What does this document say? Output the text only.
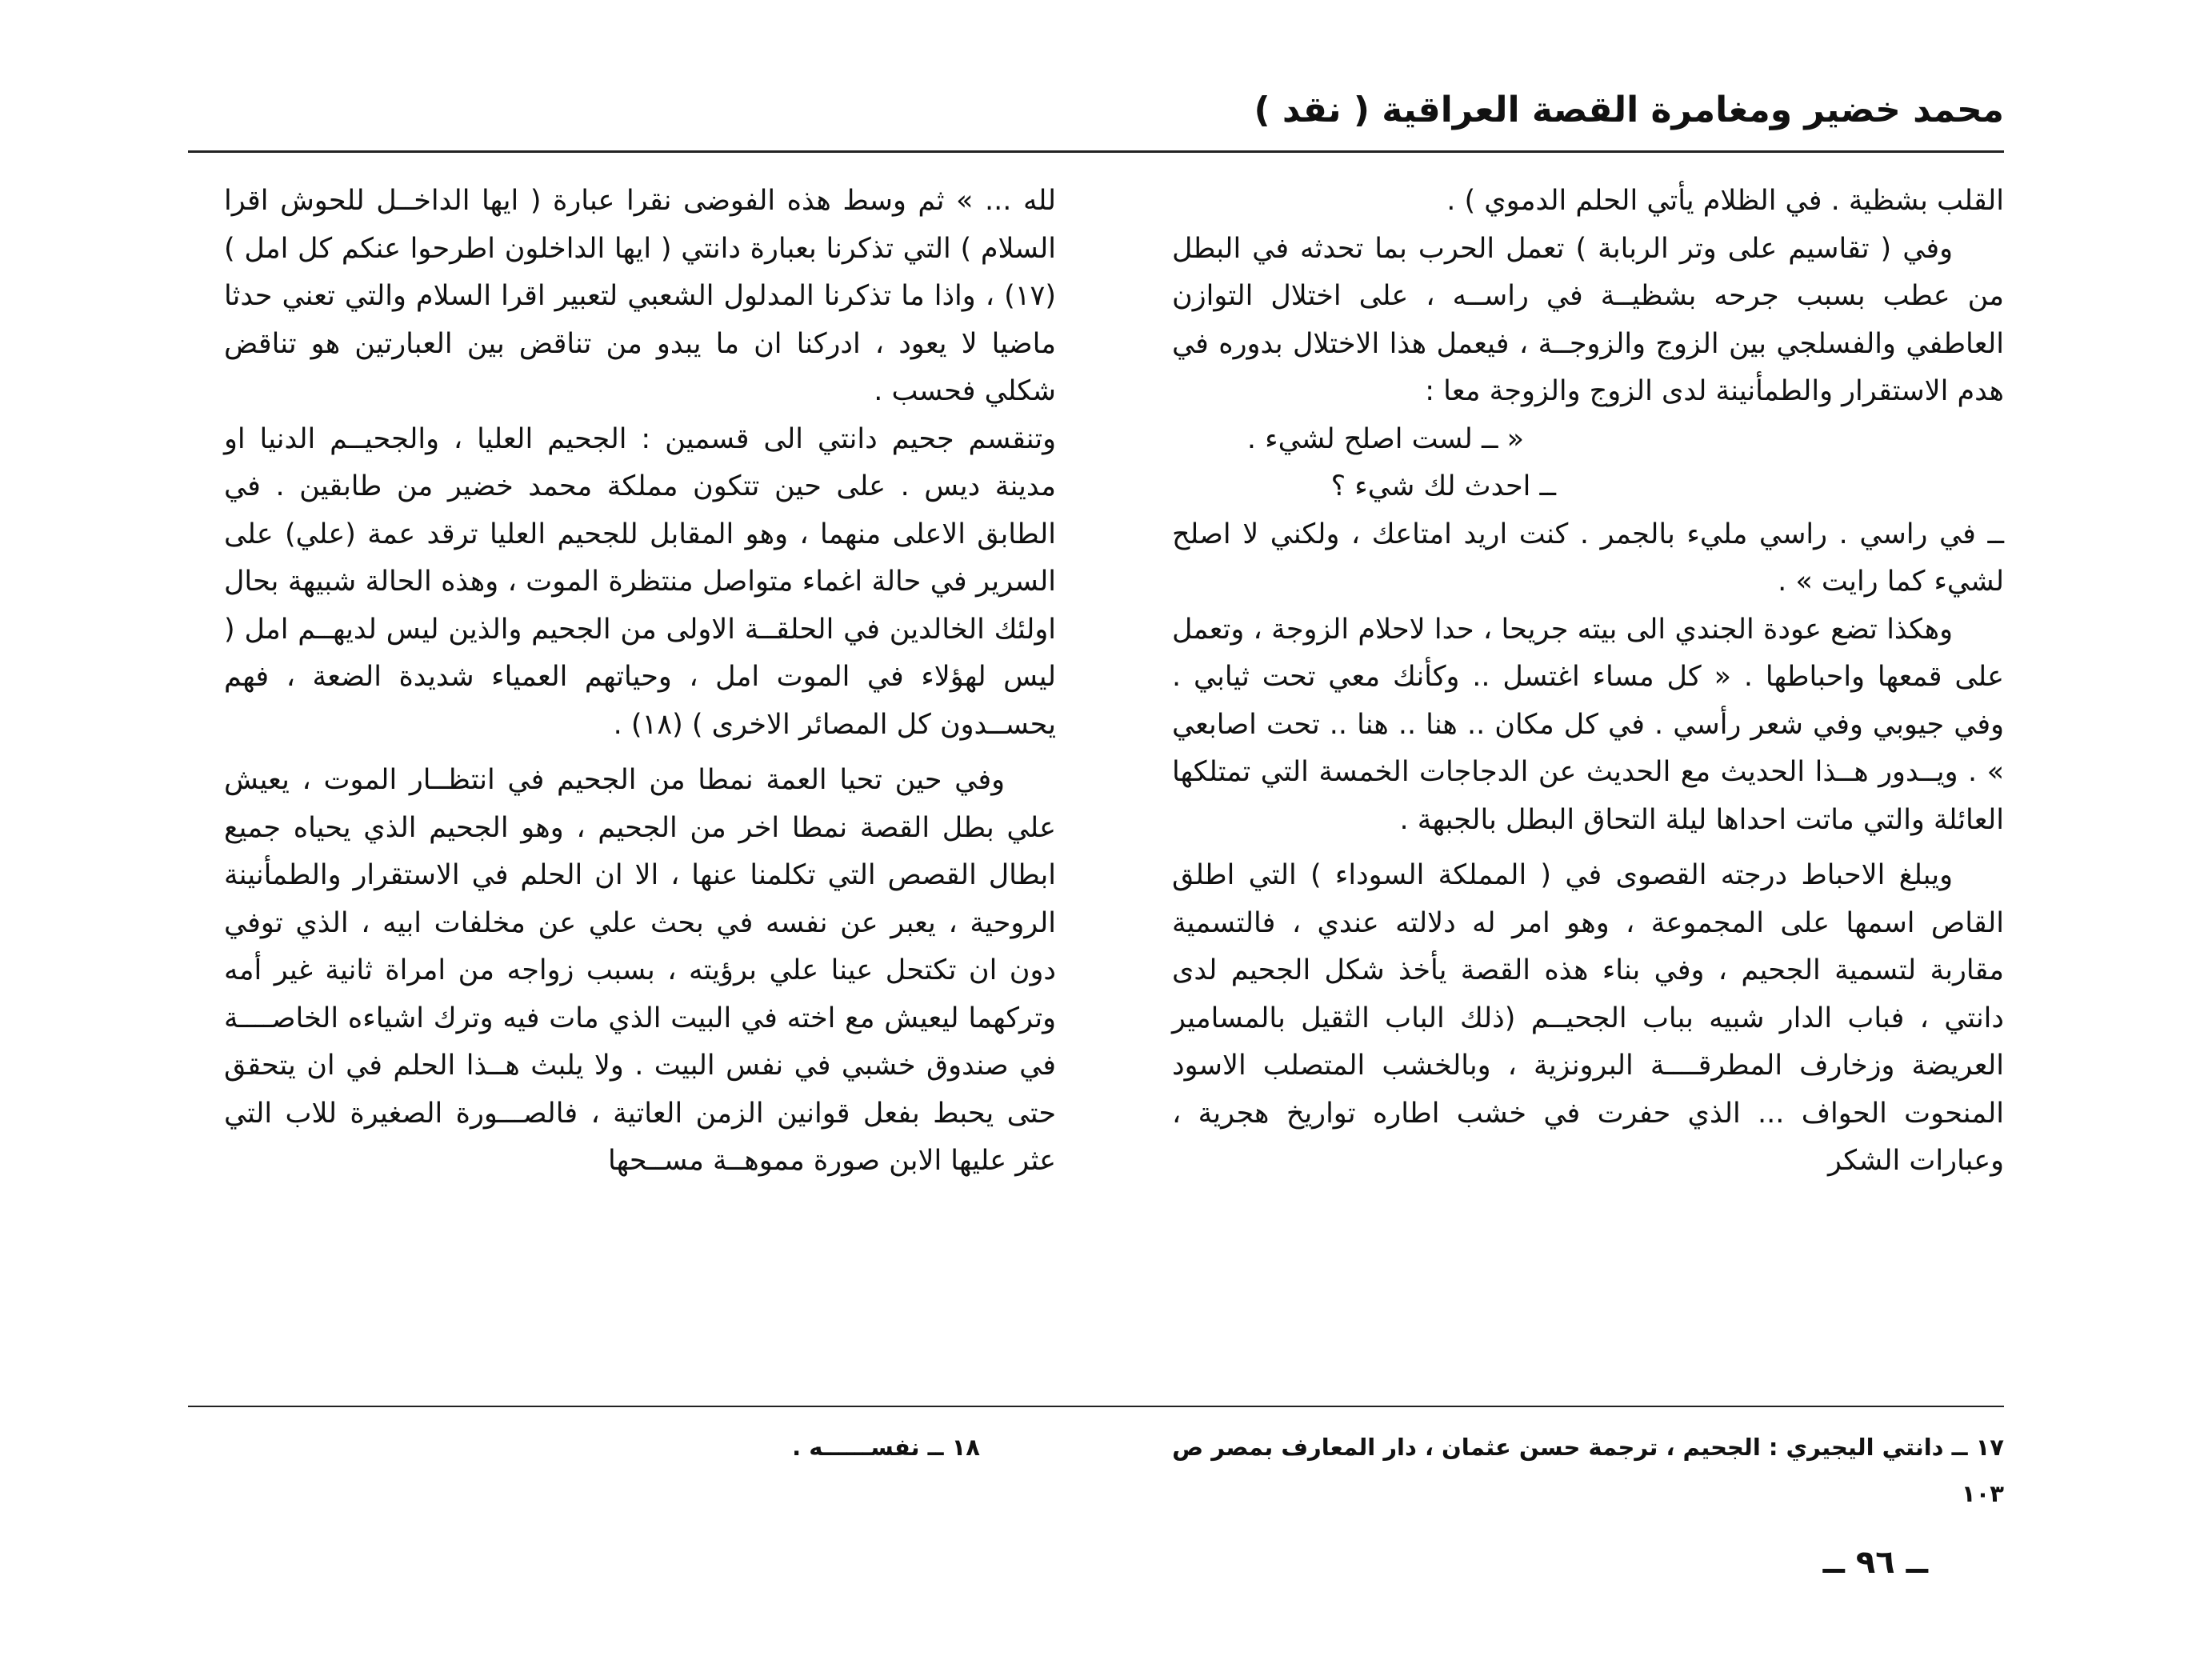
محمد خضير ومغامرة القصة العراقية ( نقد )

القلب بشظية . في الظلام يأتي الحلم الدموي ) .

وفي ( تقاسيم على وتر الربابة ) تعمل الحرب بما تحدثه في البطل من عطب بسبب جرحه بشظيــة في راســه ، على اختلال التوازن العاطفي والفسلجي بين الزوج والزوجــة ، فيعمل هذا الاختلال بدوره في هدم الاستقرار والطمأنينة لدى الزوج والزوجة معا :

« ــ لست اصلح لشيء .

ــ احدث لك شيء ؟

ــ في راسي . راسي مليء بالجمر . كنت اريد امتاعك ، ولكني لا اصلح لشيء كما رايت » .

وهكذا تضع عودة الجندي الى بيته جريحا ، حدا لاحلام الزوجة ، وتعمل على قمعها واحباطها . « كل مساء اغتسل .. وكأنك معي تحت ثيابي . وفي جيوبي وفي شعر رأسي . في كل مكان .. هنا .. هنا .. تحت اصابعي » . ويــدور هــذا الحديث مع الحديث عن الدجاجات الخمسة التي تمتلكها العائلة والتي ماتت احداها ليلة التحاق البطل بالجبهة .

ويبلغ الاحباط درجته القصوى في ( المملكة السوداء ) التي اطلق القاص اسمها على المجموعة ، وهو امر له دلالته عندي ، فالتسمية مقاربة لتسمية الجحيم ، وفي بناء هذه القصة يأخذ شكل الجحيم لدى دانتي ، فباب الدار شبيه بباب الجحيــم (ذلك الباب الثقيل بالمسامير العريضة وزخارف المطرقــــة البرونزية ، وبالخشب المتصلب الاسود المنحوت الحواف ... الذي حفرت في خشب اطاره تواريخ هجرية ، وعبارات الشكر

لله ... » ثم وسط هذه الفوضى نقرا عبارة ( ايها الداخــل للحوش اقرا السلام ) التي تذكرنا بعبارة دانتي ( ايها الداخلون اطرحوا عنكم كل امل ) (١٧) ، واذا ما تذكرنا المدلول الشعبي لتعبير اقرا السلام والتي تعني حدثا ماضيا لا يعود ، ادركنا ان ما يبدو من تناقض بين العبارتين هو تناقض شكلي فحسب .

وتنقسم جحيم دانتي الى قسمين : الجحيم العليا ، والجحيــم الدنيا او مدينة ديس . على حين تتكون مملكة محمد خضير من طابقين . في الطابق الاعلى منهما ، وهو المقابل للجحيم العليا ترقد عمة (علي) على السرير في حالة اغماء متواصل منتظرة الموت ، وهذه الحالة شبيهة بحال اولئك الخالدين في الحلقــة الاولى من الجحيم والذين ليس لديهــم امل ( ليس لهؤلاء في الموت امل ، وحياتهم العمياء شديدة الضعة ، فهم يحســدون كل المصائر الاخرى ) (١٨) .

وفي حين تحيا العمة نمطا من الجحيم في انتظــار الموت ، يعيش علي بطل القصة نمطا اخر من الجحيم ، وهو الجحيم الذي يحياه جميع ابطال القصص التي تكلمنا عنها ، الا ان الحلم في الاستقرار والطمأنينة الروحية ، يعبر عن نفسه في بحث علي عن مخلفات ابيه ، الذي توفي دون ان تكتحل عينا علي برؤيته ، بسبب زواجه من امراة ثانية غير أمه وتركهما ليعيش مع اخته في البيت الذي مات فيه وترك اشياءه الخاصــــة في صندوق خشبي في نفس البيت . ولا يلبث هــذا الحلم في ان يتحقق حتى يحبط بفعل قوانين الزمن العاتية ، فالصـــورة الصغيرة للاب التي عثر عليها الابن صورة مموهــة مســحها

١٧ ــ دانتي اليجيري : الجحيم ، ترجمة حسن عثمان ، دار المعارف بمصر ص ١٠٣
١٨ ــ نفســــــه .
ــ ٩٦ ــ
